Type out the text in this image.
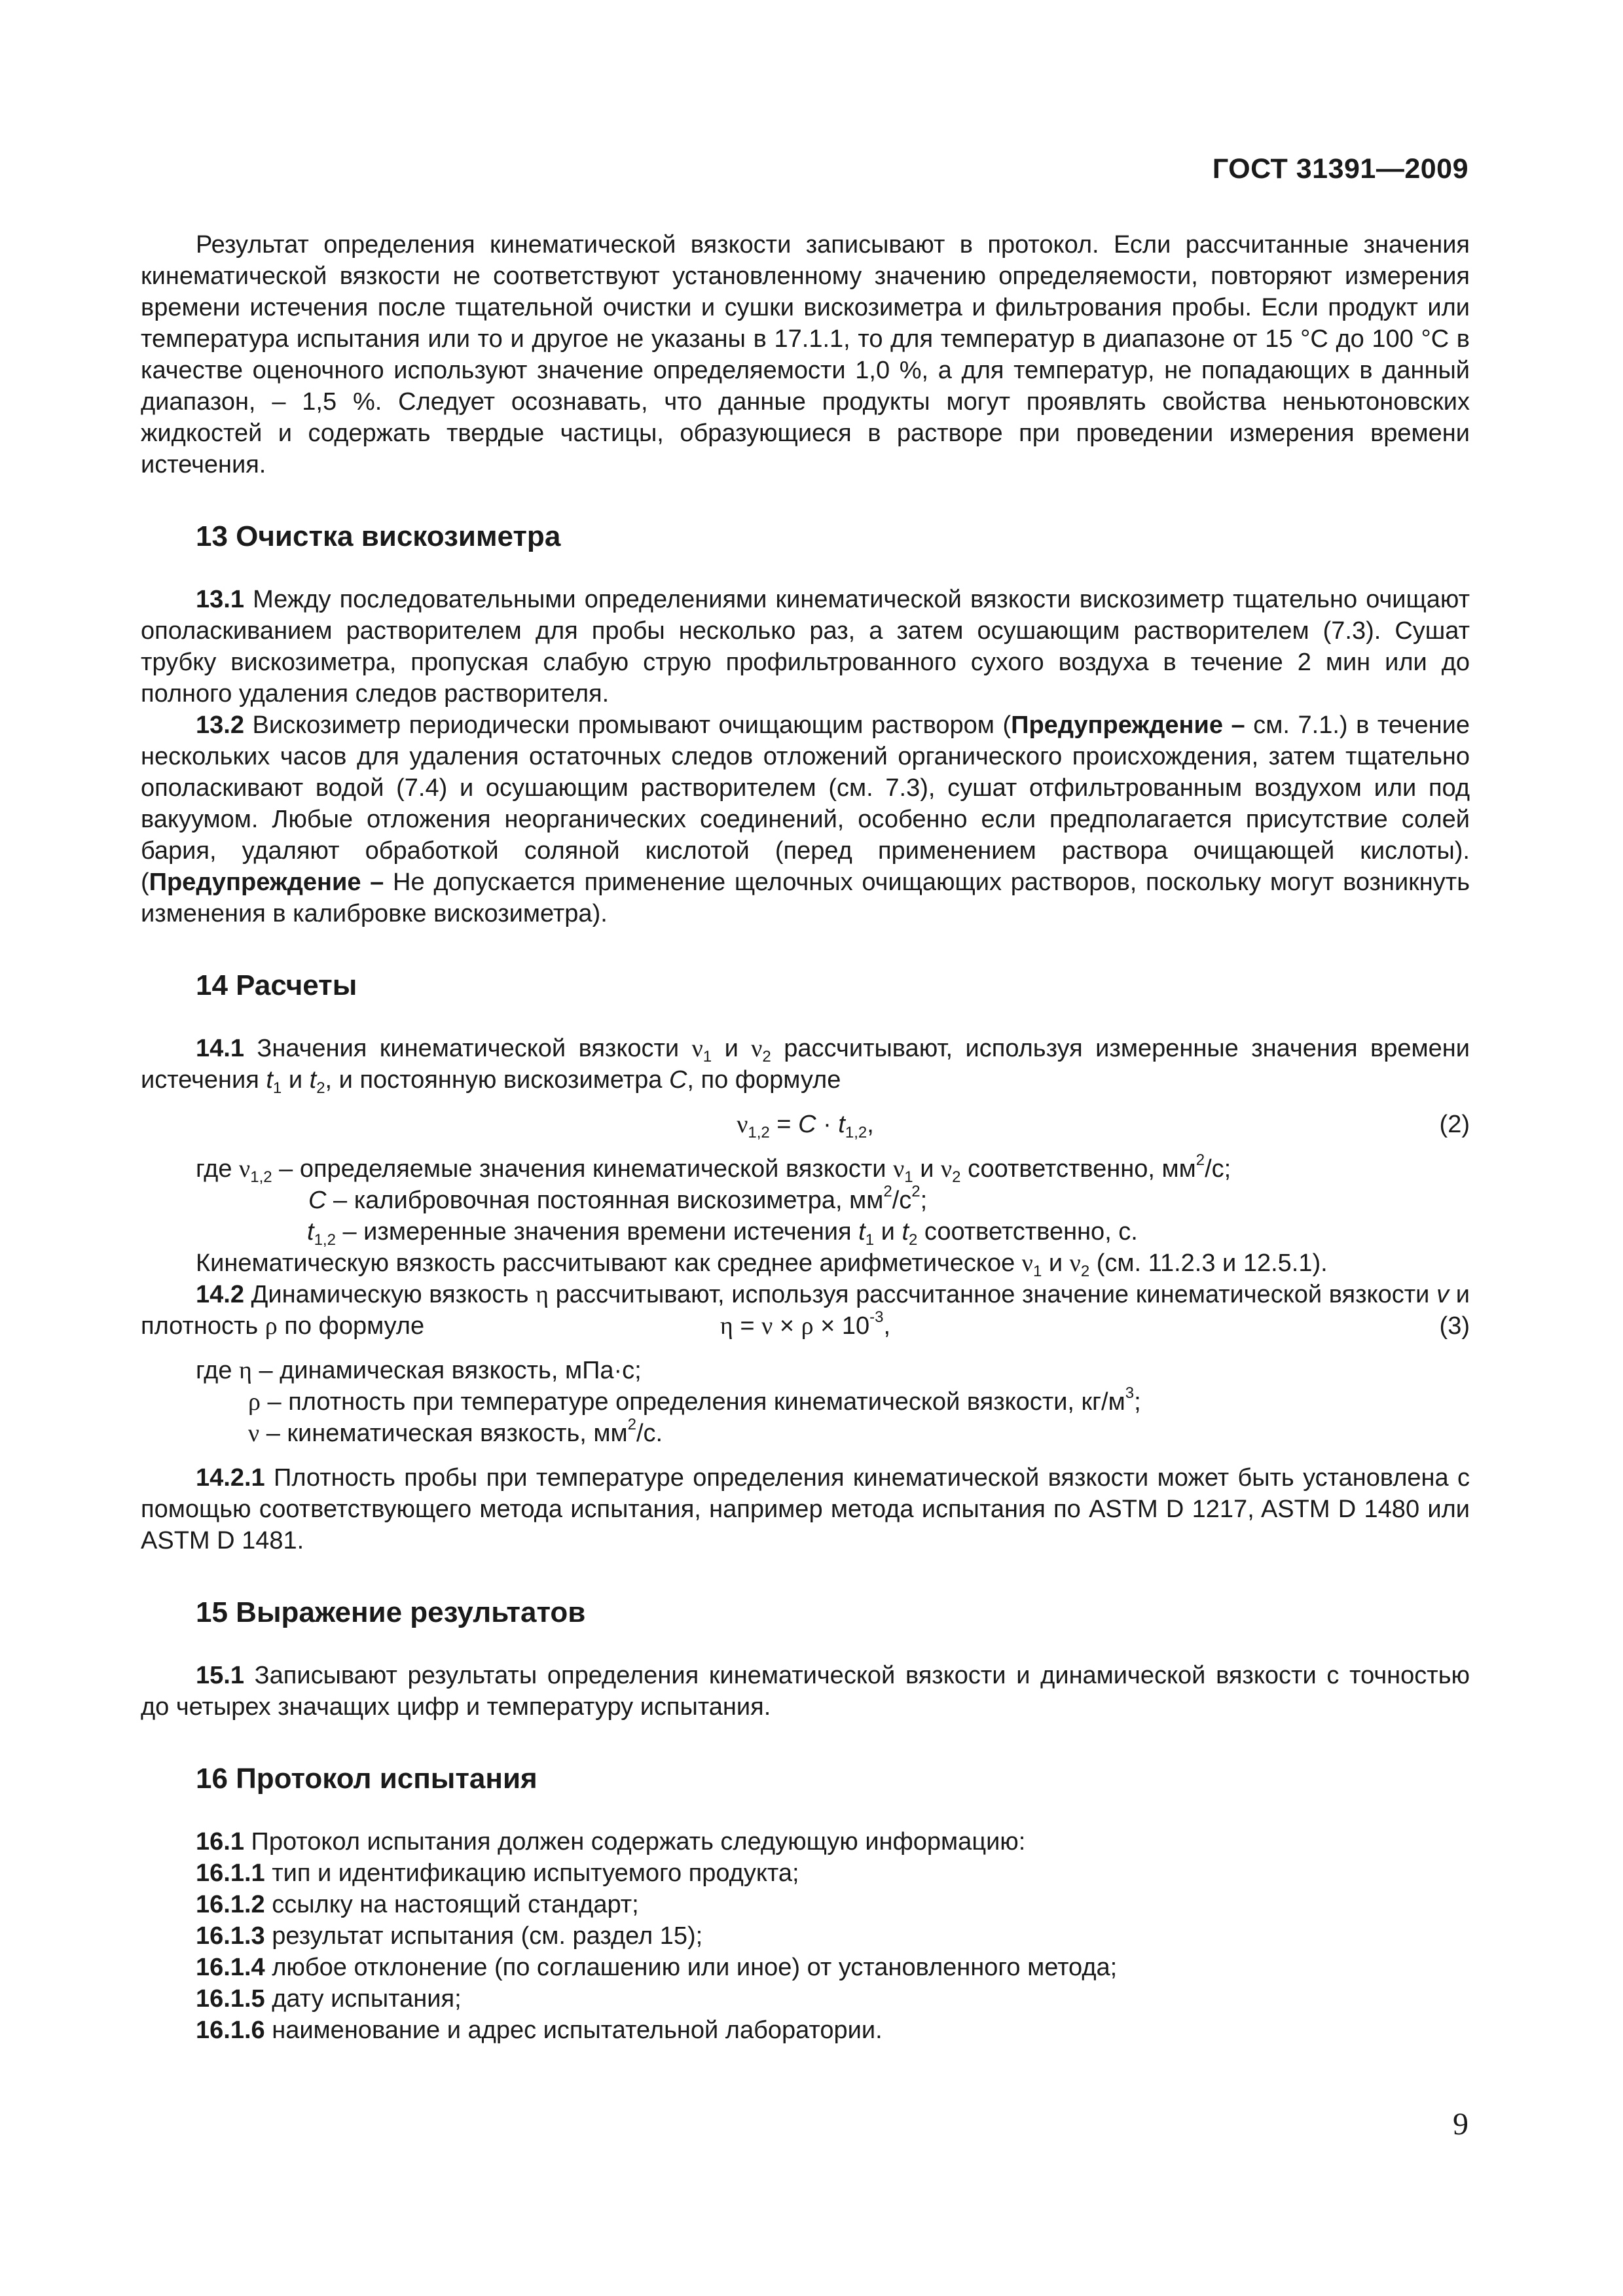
ГОСТ 31391—2009

Результат определения кинематической вязкости записывают в протокол. Если рассчитанные значения кинематической вязкости не соответствуют установленному значению определяемости, повторяют измерения времени истечения после тщательной очистки и сушки вискозиметра и фильтрования пробы. Если продукт или температура испытания или то и другое не указаны в 17.1.1, то для температур в диапазоне от 15 °С до 100 °С в качестве оценочного используют значение определяемости 1,0 %, а для температур, не попадающих в данный диапазон, – 1,5 %. Следует осознавать, что данные продукты могут проявлять свойства неньютоновских жидкостей и содержать твердые частицы, образующиеся в растворе при проведении измерения времени истечения.

13 Очистка вискозиметра

13.1 Между последовательными определениями кинематической вязкости вискозиметр тщательно очищают ополаскиванием растворителем для пробы несколько раз, а затем осушающим растворителем (7.3). Сушат трубку вискозиметра, пропуская слабую струю профильтрованного сухого воздуха в течение 2 мин или до полного удаления следов растворителя.

13.2 Вискозиметр периодически промывают очищающим раствором (Предупреждение – см. 7.1.) в течение нескольких часов для удаления остаточных следов отложений органического происхождения, затем тщательно ополаскивают водой (7.4) и осушающим растворителем (см. 7.3), сушат отфильтрованным воздухом или под вакуумом. Любые отложения неорганических соединений, особенно если предполагается присутствие солей бария, удаляют обработкой соляной кислотой (перед применением раствора очищающей кислоты). (Предупреждение – Не допускается применение щелочных очищающих растворов, поскольку могут возникнуть изменения в калибровке вискозиметра).

14 Расчеты

14.1 Значения кинематической вязкости $\nu_1$ и $\nu_2$ рассчитывают, используя измеренные значения времени истечения $t_1$ и $t_2$, и постоянную вискозиметра C, по формуле

$\nu_{1,2} = C \cdot t_{1,2}$,	(2)

где $\nu_{1,2}$ – определяемые значения кинематической вязкости $\nu_1$ и $\nu_2$ соответственно, $мм^2/с$;

C – калибровочная постоянная вискозиметра, $мм^2/с^2$;

$t_{1,2}$ – измеренные значения времени истечения $t_1$ и $t_2$ соответственно, с.

Кинематическую вязкость рассчитывают как среднее арифметическое $\nu_1$ и $\nu_2$ (см. 11.2.3 и 12.5.1).

14.2 Динамическую вязкость η рассчитывают, используя рассчитанное значение кинематической вязкости v и плотность ρ по формуле	$\eta = \nu \times \rho \times 10^{-3}$,	(3)

где η – динамическая вязкость, мПа·с;

ρ – плотность при температуре определения кинематической вязкости, $кг/м^3$;

ν – кинематическая вязкость, $мм^2/с$.

14.2.1 Плотность пробы при температуре определения кинематической вязкости может быть установлена с помощью соответствующего метода испытания, например метода испытания по ASTM D 1217, ASTM D 1480 или ASTM D 1481.

15 Выражение результатов

15.1 Записывают результаты определения кинематической вязкости и динамической вязкости с точностью до четырех значащих цифр и температуру испытания.

16 Протокол испытания

16.1 Протокол испытания должен содержать следующую информацию:

16.1.1 тип и идентификацию испытуемого продукта;

16.1.2 ссылку на настоящий стандарт;

16.1.3 результат испытания (см. раздел 15);

16.1.4 любое отклонение (по соглашению или иное) от установленного метода;

16.1.5 дату испытания;

16.1.6 наименование и адрес испытательной лаборатории.

9
